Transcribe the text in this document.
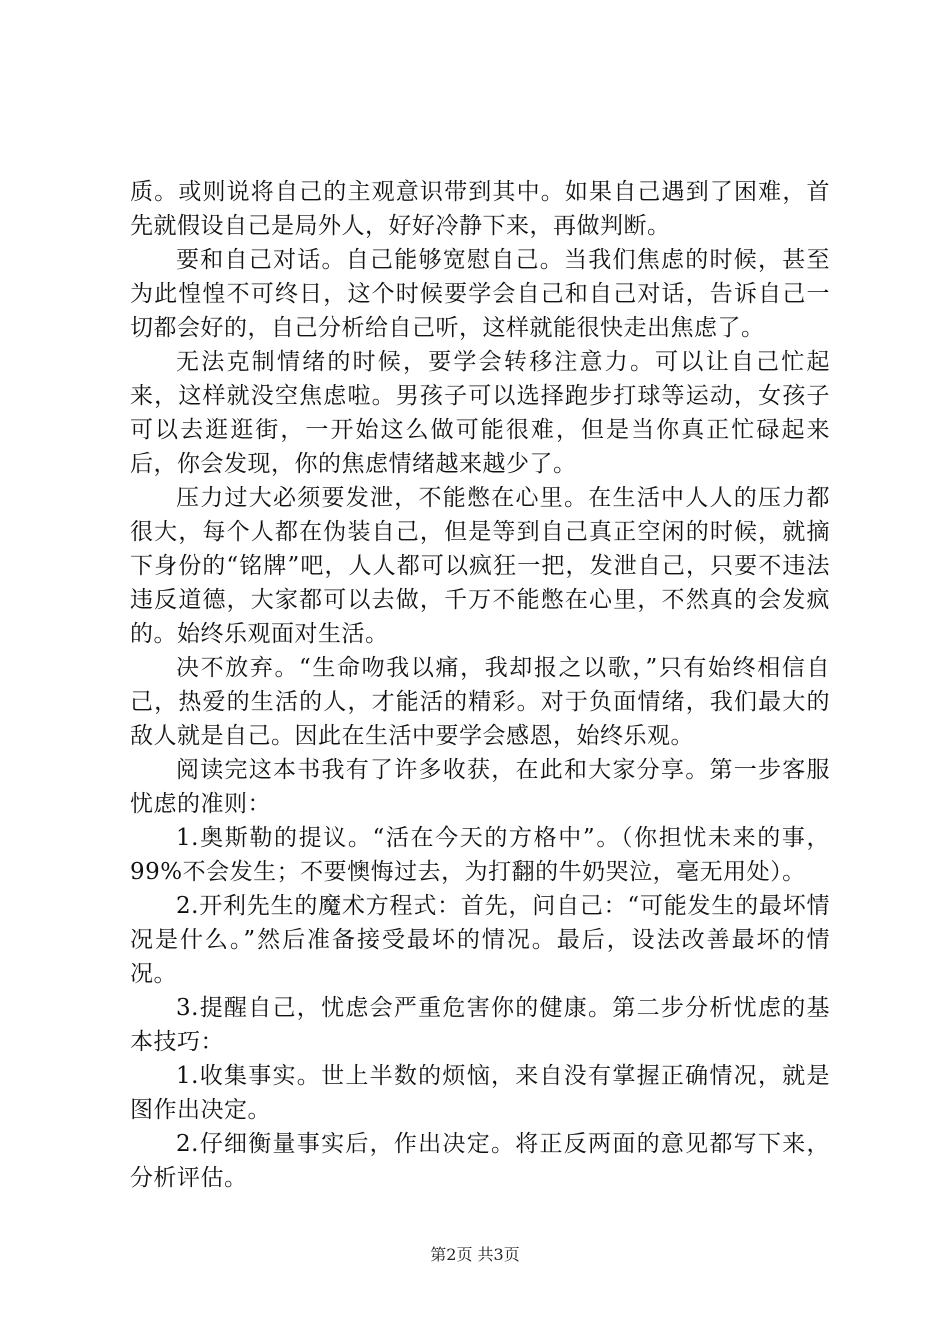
质。或则说将自己的主观意识带到其中。如果自己遇到了困难，首先就假设自己是局外人，好好冷静下来，再做判断。

要和自己对话。自己能够宽慰自己。当我们焦虑的时候，甚至为此惶惶不可终日，这个时候要学会自己和自己对话，告诉自己一切都会好的，自己分析给自己听，这样就能很快走出焦虑了。

无法克制情绪的时候，要学会转移注意力。可以让自己忙起来，这样就没空焦虑啦。男孩子可以选择跑步打球等运动，女孩子可以去逛逛街，一开始这么做可能很难，但是当你真正忙碌起来后，你会发现，你的焦虑情绪越来越少了。

压力过大必须要发泄，不能憋在心里。在生活中人人的压力都很大，每个人都在伪装自己，但是等到自己真正空闲的时候，就摘下身份的“铭牌”吧，人人都可以疯狂一把，发泄自己，只要不违法违反道德，大家都可以去做，千万不能憋在心里，不然真的会发疯的。始终乐观面对生活。

决不放弃。“生命吻我以痛，我却报之以歌，”只有始终相信自己，热爱的生活的人，才能活的精彩。对于负面情绪，我们最大的敌人就是自己。因此在生活中要学会感恩，始终乐观。

阅读完这本书我有了许多收获，在此和大家分享。第一步客服忧虑的准则：

1.奥斯勒的提议。“活在今天的方格中”。（你担忧未来的事，99%不会发生；不要懊悔过去，为打翻的牛奶哭泣，毫无用处）。

2.开利先生的魔术方程式：首先，问自己：“可能发生的最坏情况是什么。”然后准备接受最坏的情况。最后，设法改善最坏的情况。

3.提醒自己，忧虑会严重危害你的健康。第二步分析忧虑的基本技巧：

1.收集事实。世上半数的烦恼，来自没有掌握正确情况，就是图作出决定。

2.仔细衡量事实后，作出决定。将正反两面的意见都写下来，分析评估。

第2页 共3页
